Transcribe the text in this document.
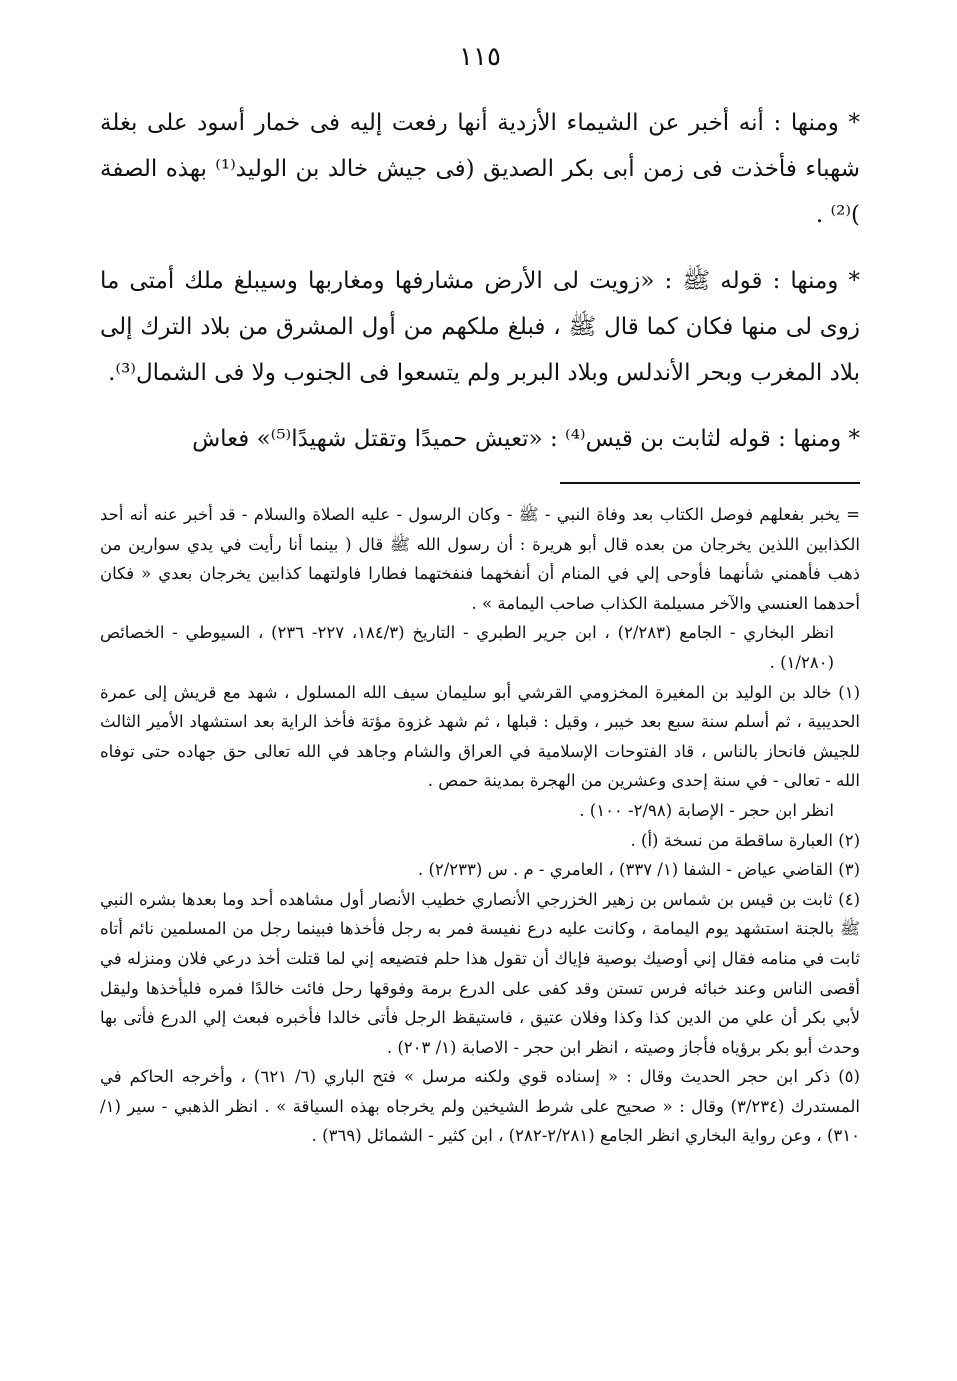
١١٥

* ومنها : أنه أخبر عن الشيماء الأزدية أنها رفعت إليه فى خمار أسود على بغلة شهباء فأخذت فى زمن أبى بكر الصديق (فى جيش خالد بن الوليد⁽¹⁾ بهذه الصفة )⁽²⁾ .

* ومنها : قوله ﷺ : «زويت لى الأرض مشارفها ومغاربها وسيبلغ ملك أمتى ما زوى لى منها فكان كما قال ﷺ ، فبلغ ملكهم من أول المشرق من بلاد الترك إلى بلاد المغرب وبحر الأندلس وبلاد البربر ولم يتسعوا فى الجنوب ولا فى الشمال⁽³⁾.

* ومنها : قوله لثابت بن قيس⁽⁴⁾ : «تعيش حميدًا وتقتل شهيدًا⁽⁵⁾» فعاش

= يخبر بفعلهم فوصل الكتاب بعد وفاة النبي - ﷺ - وكان الرسول - عليه الصلاة والسلام - قد أخبر عنه أنه أحد الكذابين اللذين يخرجان من بعده قال أبو هريرة : أن رسول الله ﷺ قال ( بينما أنا رأيت في يدي سوارين من ذهب فأهمني شأنهما فأوحى إلي في المنام أن أنفخهما فنفختهما فطارا فاولتهما كذابين يخرجان بعدي « فكان أحدهما العنسي والآخر مسيلمة الكذاب صاحب اليمامة » .

انظر البخاري - الجامع (٢/٢٨٣) ، ابن جرير الطبري - التاريخ (١٨٤/٣، ٢٢٧- ٢٣٦) ، السيوطي - الخصائص (١/٢٨٠) .

(١) خالد بن الوليد بن المغيرة المخزومي القرشي أبو سليمان سيف الله المسلول ، شهد مع قريش إلى عمرة الحديبية ، ثم أسلم سنة سبع بعد خيبر ، وقيل : قبلها ، ثم شهد غزوة مؤتة فأخذ الراية بعد استشهاد الأمير الثالث للجيش فانحاز بالناس ، قاد الفتوحات الإسلامية في العراق والشام وجاهد في الله تعالى حق جهاده حتى توفاه الله - تعالى - في سنة إحدى وعشرين من الهجرة بمدينة حمص .

انظر ابن حجر - الإصابة (٢/٩٨- ١٠٠) .

(٢) العبارة ساقطة من نسخة (أ) .

(٣) القاضي عياض - الشفا (١/ ٣٣٧) ، العامري - م . س (٢/٢٣٣) .

(٤) ثابت بن قيس بن شماس بن زهير الخزرجي الأنصاري خطيب الأنصار أول مشاهده أحد وما بعدها بشره النبي ﷺ بالجنة استشهد يوم اليمامة ، وكانت عليه درع نفيسة فمر به رجل فأخذها فبينما رجل من المسلمين نائم أتاه ثابت في منامه فقال إني أوصيك بوصية فإياك أن تقول هذا حلم فتضيعه إني لما قتلت أخذ درعي فلان ومنزله في أقصى الناس وعند خبائه فرس تستن وقد كفى على الدرع برمة وفوقها رحل فائت خالدًا فمره فليأخذها وليقل لأبي بكر أن علي من الدين كذا وكذا وفلان عتيق ، فاستيقظ الرجل فأتى خالدا فأخبره فبعث إلي الدرع فأتى بها وحدث أبو بكر برؤياه فأجاز وصيته ، انظر ابن حجر - الاصابة (١/ ٢٠٣) .

(٥) ذكر ابن حجر الحديث وقال : « إسناده قوي ولكنه مرسل » فتح الباري (٦/ ٦٢١) ، وأخرجه الحاكم في المستدرك (٣/٢٣٤) وقال : « صحيح على شرط الشيخين ولم يخرجاه بهذه السياقة » . انظر الذهبي - سير (١/ ٣١٠) ، وعن رواية البخاري انظر الجامع (٢/٢٨١-٢٨٢) ، ابن كثير - الشمائل (٣٦٩) .
